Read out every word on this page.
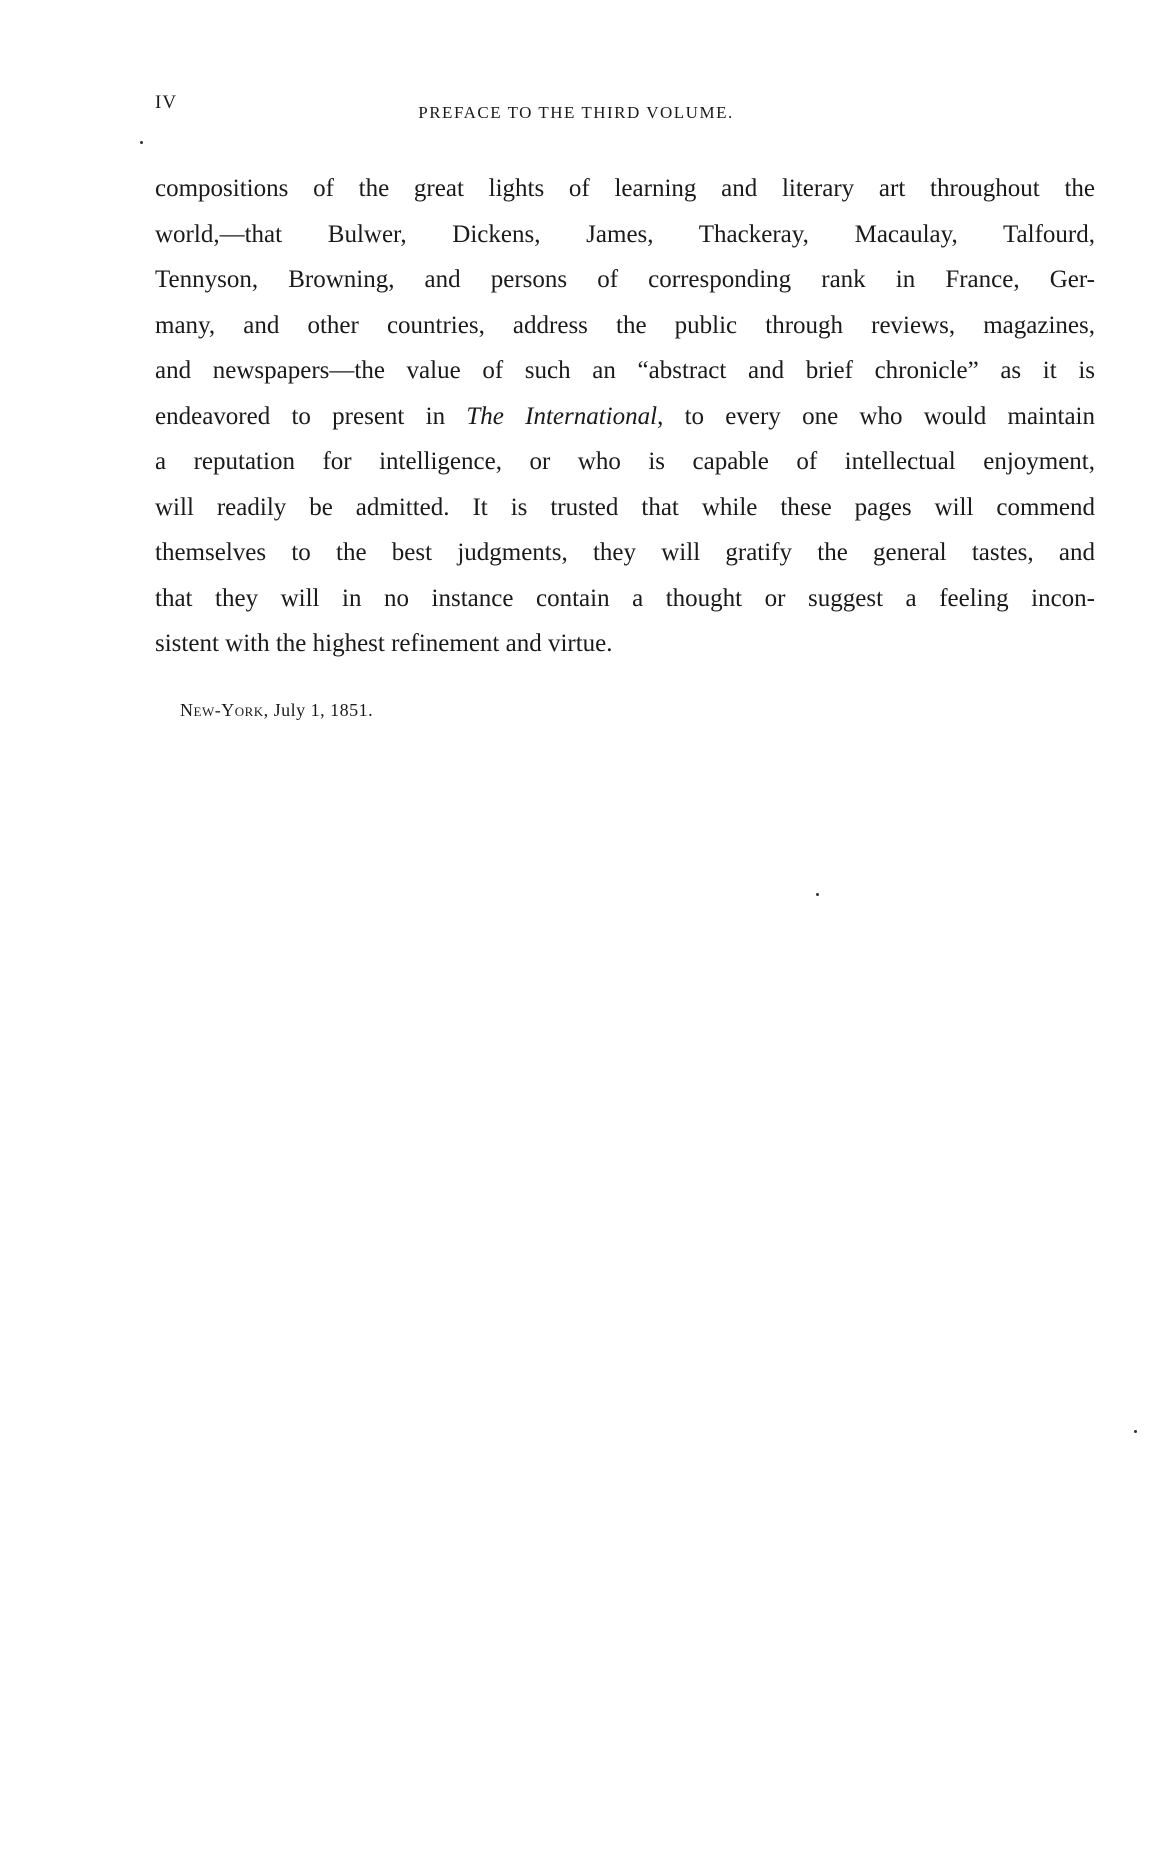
IV	PREFACE TO THE THIRD VOLUME.
compositions of the great lights of learning and literary art throughout the
world,—that Bulwer, Dickens, James, Thackeray, Macaulay, Talfourd,
Tennyson, Browning, and persons of corresponding rank in France, Ger-
many, and other countries, address the public through reviews, magazines,
and newspapers—the value of such an “abstract and brief chronicle” as it is
endeavored to present in The International, to every one who would maintain
a reputation for intelligence, or who is capable of intellectual enjoyment,
will readily be admitted. It is trusted that while these pages will commend
themselves to the best judgments, they will gratify the general tastes, and
that they will in no instance contain a thought or suggest a feeling incon-
sistent with the highest refinement and virtue.
New-York, July 1, 1851.
